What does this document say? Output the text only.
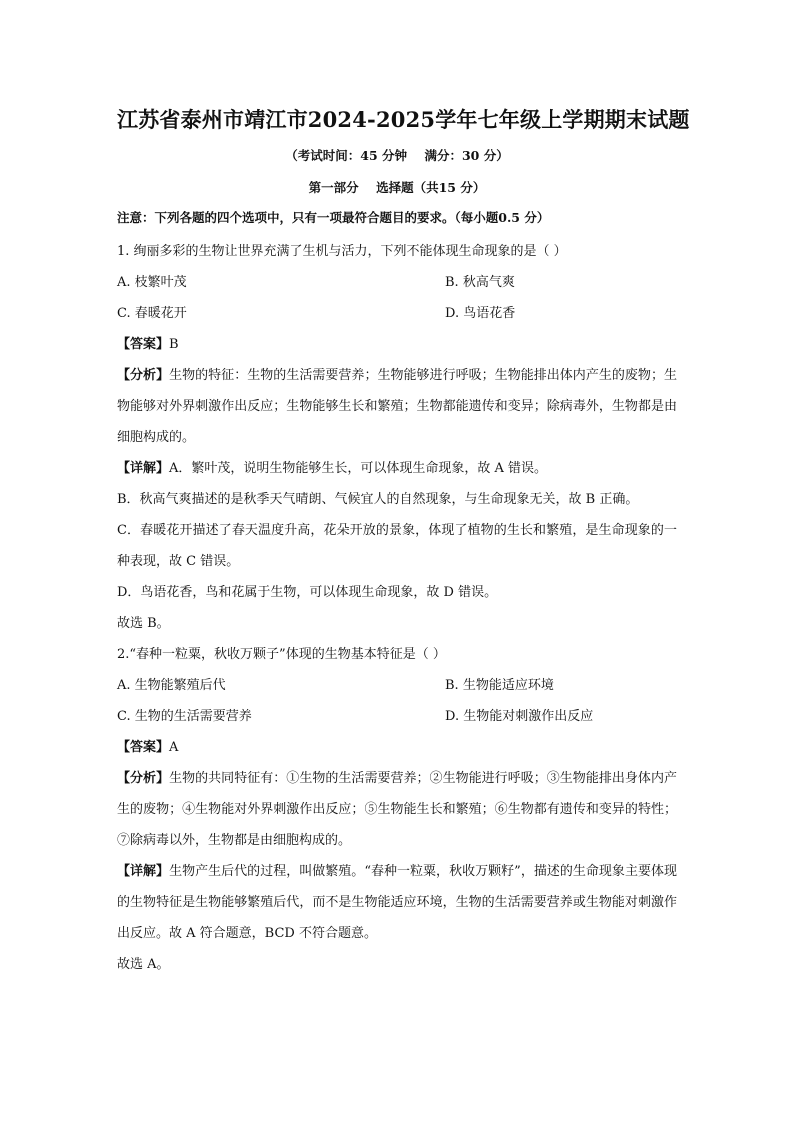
江苏省泰州市靖江市2024-2025学年七年级上学期期末试题
（考试时间：45 分钟    满分：30 分）
第一部分    选择题（共15 分）
注意：下列各题的四个选项中，只有一项最符合题目的要求。（每小题0.5 分）

1. 绚丽多彩的生物让世界充满了生机与活力，下列不能体现生命现象的是（ ）

A. 枝繁叶茂	B. 秋高气爽
C. 春暖花开	D. 鸟语花香

【答案】B

【分析】生物的特征：生物的生活需要营养；生物能够进行呼吸；生物能排出体内产生的废物；生物能够对外界刺激作出反应；生物能够生长和繁殖；生物都能遗传和变异；除病毒外，生物都是由细胞构成的。

【详解】A．繁叶茂，说明生物能够生长，可以体现生命现象，故 A 错误。

B．秋高气爽描述的是秋季天气晴朗、气候宜人的自然现象，与生命现象无关，故 B 正确。

C．春暖花开描述了春天温度升高，花朵开放的景象，体现了植物的生长和繁殖，是生命现象的一种表现，故 C 错误。

D．鸟语花香，鸟和花属于生物，可以体现生命现象，故 D 错误。

故选 B。

2.“春种一粒粟，秋收万颗子”体现的生物基本特征是（ ）

A. 生物能繁殖后代	B. 生物能适应环境
C. 生物的生活需要营养	D. 生物能对刺激作出反应

【答案】A

【分析】生物的共同特征有：①生物的生活需要营养；②生物能进行呼吸；③生物能排出身体内产生的废物；④生物能对外界刺激作出反应；⑤生物能生长和繁殖；⑥生物都有遗传和变异的特性；⑦除病毒以外，生物都是由细胞构成的。

【详解】生物产生后代的过程，叫做繁殖。“春种一粒粟，秋收万颗籽”，描述的生命现象主要体现的生物特征是生物能够繁殖后代，而不是生物能适应环境，生物的生活需要营养或生物能对刺激作出反应。故 A 符合题意，BCD 不符合题意。

故选 A。
